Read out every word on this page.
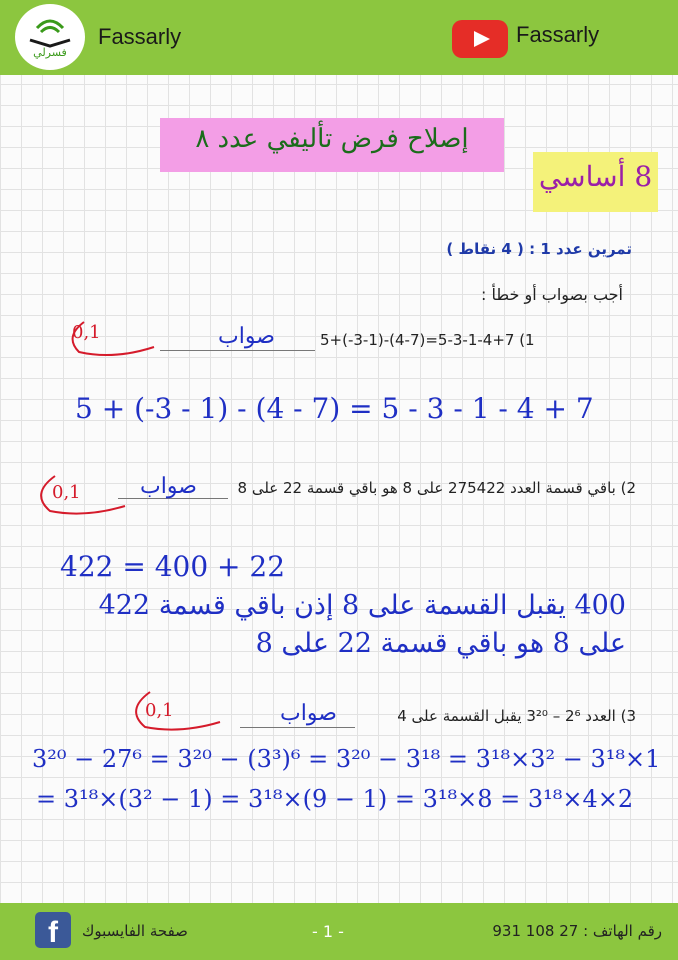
فسرلي
Fassarly	Fassarly
إصلاح فرض تأليفي عدد ٨
8 أساسي
تمرين عدد 1 : ( 4 نقاط )
أجب بصواب أو خطأ :
5+(-3-1)-(4-7)=5-3-1-4+7 (1
صواب
0,1
5 + (-3 - 1) - (4 - 7) = 5 - 3 - 1 - 4 + 7
2) باقي قسمة العدد 275422 على 8 هو باقي قسمة 22 على 8
صواب
0,1
422 = 400 + 22
400 يقبل القسمة على 8 إذن باقي قسمة 422
على 8 هو باقي قسمة 22 على 8
3) العدد 2⁶ – 3²⁰ يقبل القسمة على 4
صواب
0,1
3²⁰ − 27⁶ = 3²⁰ − (3³)⁶ = 3²⁰ − 3¹⁸ = 3¹⁸×3² − 3¹⁸×1
= 3¹⁸×(3² − 1) = 3¹⁸×(9 − 1) = 3¹⁸×8 = 3¹⁸×4×2
f	صفحة الفايسبوك	- 1 -	رقم الهاتف : 27 108 931
